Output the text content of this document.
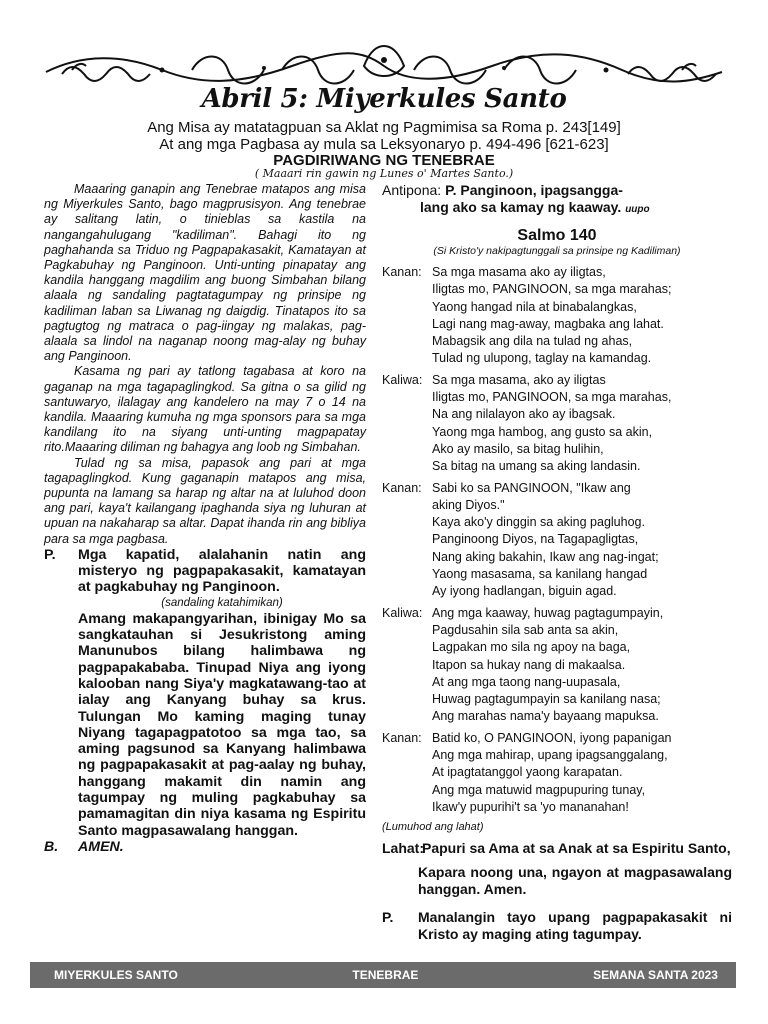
Abril 5: Miyerkules Santo
Ang Misa ay matatagpuan sa Aklat ng Pagmimisa sa Roma p. 243[149]
At ang mga Pagbasa ay mula sa Leksyonaryo p. 494-496 [621-623]
PAGDIRIWANG NG TENEBRAE
( Maaari rin gawin ng Lunes o' Martes Santo.)

Maaaring ganapin ang Tenebrae matapos ang misa ng Miyerkules Santo, bago magprusisyon. Ang tenebrae ay salitang latin, o tinieblas sa kastila na nangangahulugang "kadiliman". Bahagi ito ng paghahanda sa Triduo ng Pagpapakasakit, Kamatayan at Pagkabuhay ng Panginoon. Unti-unting pinapatay ang kandila hanggang magdilim ang buong Simbahan bilang alaala ng sandaling pagtatagumpay ng prinsipe ng kadiliman laban sa Liwanag ng daigdig. Tinatapos ito sa pagtugtog ng matraca o pag-iingay ng malakas, pag-alaala sa lindol na naganap noong mag-alay ng buhay ang Panginoon.

Kasama ng pari ay tatlong tagabasa at koro na gaganap na mga tagapaglingkod. Sa gitna o sa gilid ng santuwaryo, ilalagay ang kandelero na may 7 o 14 na kandila. Maaaring kumuha ng mga sponsors para sa mga kandilang ito na siyang unti-unting magpapatay rito.Maaaring diliman ng bahagya ang loob ng Simbahan.

Tulad ng sa misa, papasok ang pari at mga tagapaglingkod. Kung gaganapin matapos ang misa, pupunta na lamang sa harap ng altar na at luluhod doon ang pari, kaya't kailangang ipaghanda siya ng luhuran at upuan na nakaharap sa altar. Dapat ihanda rin ang bibliya para sa mga pagbasa.

P.	Mga kapatid, alalahanin natin ang misteryo ng pagpapakasakit, kamatayan at pagkabuhay ng Panginoon.
(sandaling katahimikan)
Amang makapangyarihan, ibinigay Mo sa sangkatauhan si Jesukristong aming Manunubos bilang halimbawa ng pagpapakababa. Tinupad Niya ang iyong kalooban nang Siya'y magkatawang-tao at ialay ang Kanyang buhay sa krus. Tulungan Mo kaming maging tunay Niyang tagapagpatotoo sa mga tao, sa aming pagsunod sa Kanyang halimbawa ng pagpapakasakit at pag-aalay ng buhay, hanggang makamit din namin ang tagumpay ng muling pagkabuhay sa pamamagitan din niya kasama ng Espiritu Santo magpasawalang hanggan.
B.	AMEN.
Antipona: P. Panginoon, ipagsangga-
lang ako sa kamay ng kaaway. uupo
Salmo 140
(Si Kristo'y nakipagtunggali sa prinsipe ng Kadiliman)
Kanan: Sa mga masama ako ay iligtas,
Iligtas mo, PANGINOON, sa mga marahas;
Yaong hangad nila at binabalangkas,
Lagi nang mag-away, magbaka ang lahat.
Mabagsik ang dila na tulad ng ahas,
Tulad ng ulupong, taglay na kamandag.
Kaliwa: Sa mga masama, ako ay iligtas
Iligtas mo, PANGINOON, sa mga marahas,
Na ang nilalayon ako ay ibagsak.
Yaong mga hambog, ang gusto sa akin,
Ako ay masilo, sa bitag hulihin,
Sa bitag na umang sa aking landasin.
Kanan: Sabi ko sa PANGINOON, "Ikaw ang
aking Diyos."
Kaya ako'y dinggin sa aking pagluhog.
Panginoong Diyos, na Tagapagligtas,
Nang aking bakahin, Ikaw ang nag-ingat;
Yaong masasama, sa kanilang hangad
Ay iyong hadlangan, biguin agad.
Kaliwa: Ang mga kaaway, huwag pagtagumpayin,
Pagdusahin sila sab anta sa akin,
Lagpakan mo sila ng apoy na baga,
Itapon sa hukay nang di makaalsa.
At ang mga taong nang-uupasala,
Huwag pagtagumpayin sa kanilang nasa;
Ang marahas nama'y bayaang mapuksa.
Kanan: Batid ko, O PANGINOON, iyong papanigan
Ang mga mahirap, upang ipagsanggalang,
At ipagtatanggol yaong karapatan.
Ang mga matuwid magpupuring tunay,
Ikaw'y pupurihi't sa 'yo mananahan!
(Lumuhod ang lahat)
Lahat:
Papuri sa Ama at sa Anak at sa Espiritu Santo,
Kapara noong una, ngayon at magpasawalang hanggan. Amen.
P.	Manalangin tayo upang pagpapakasakit ni Kristo ay maging ating tagumpay.
MIYERKULES SANTO	TENEBRAE	SEMANA SANTA 2023
